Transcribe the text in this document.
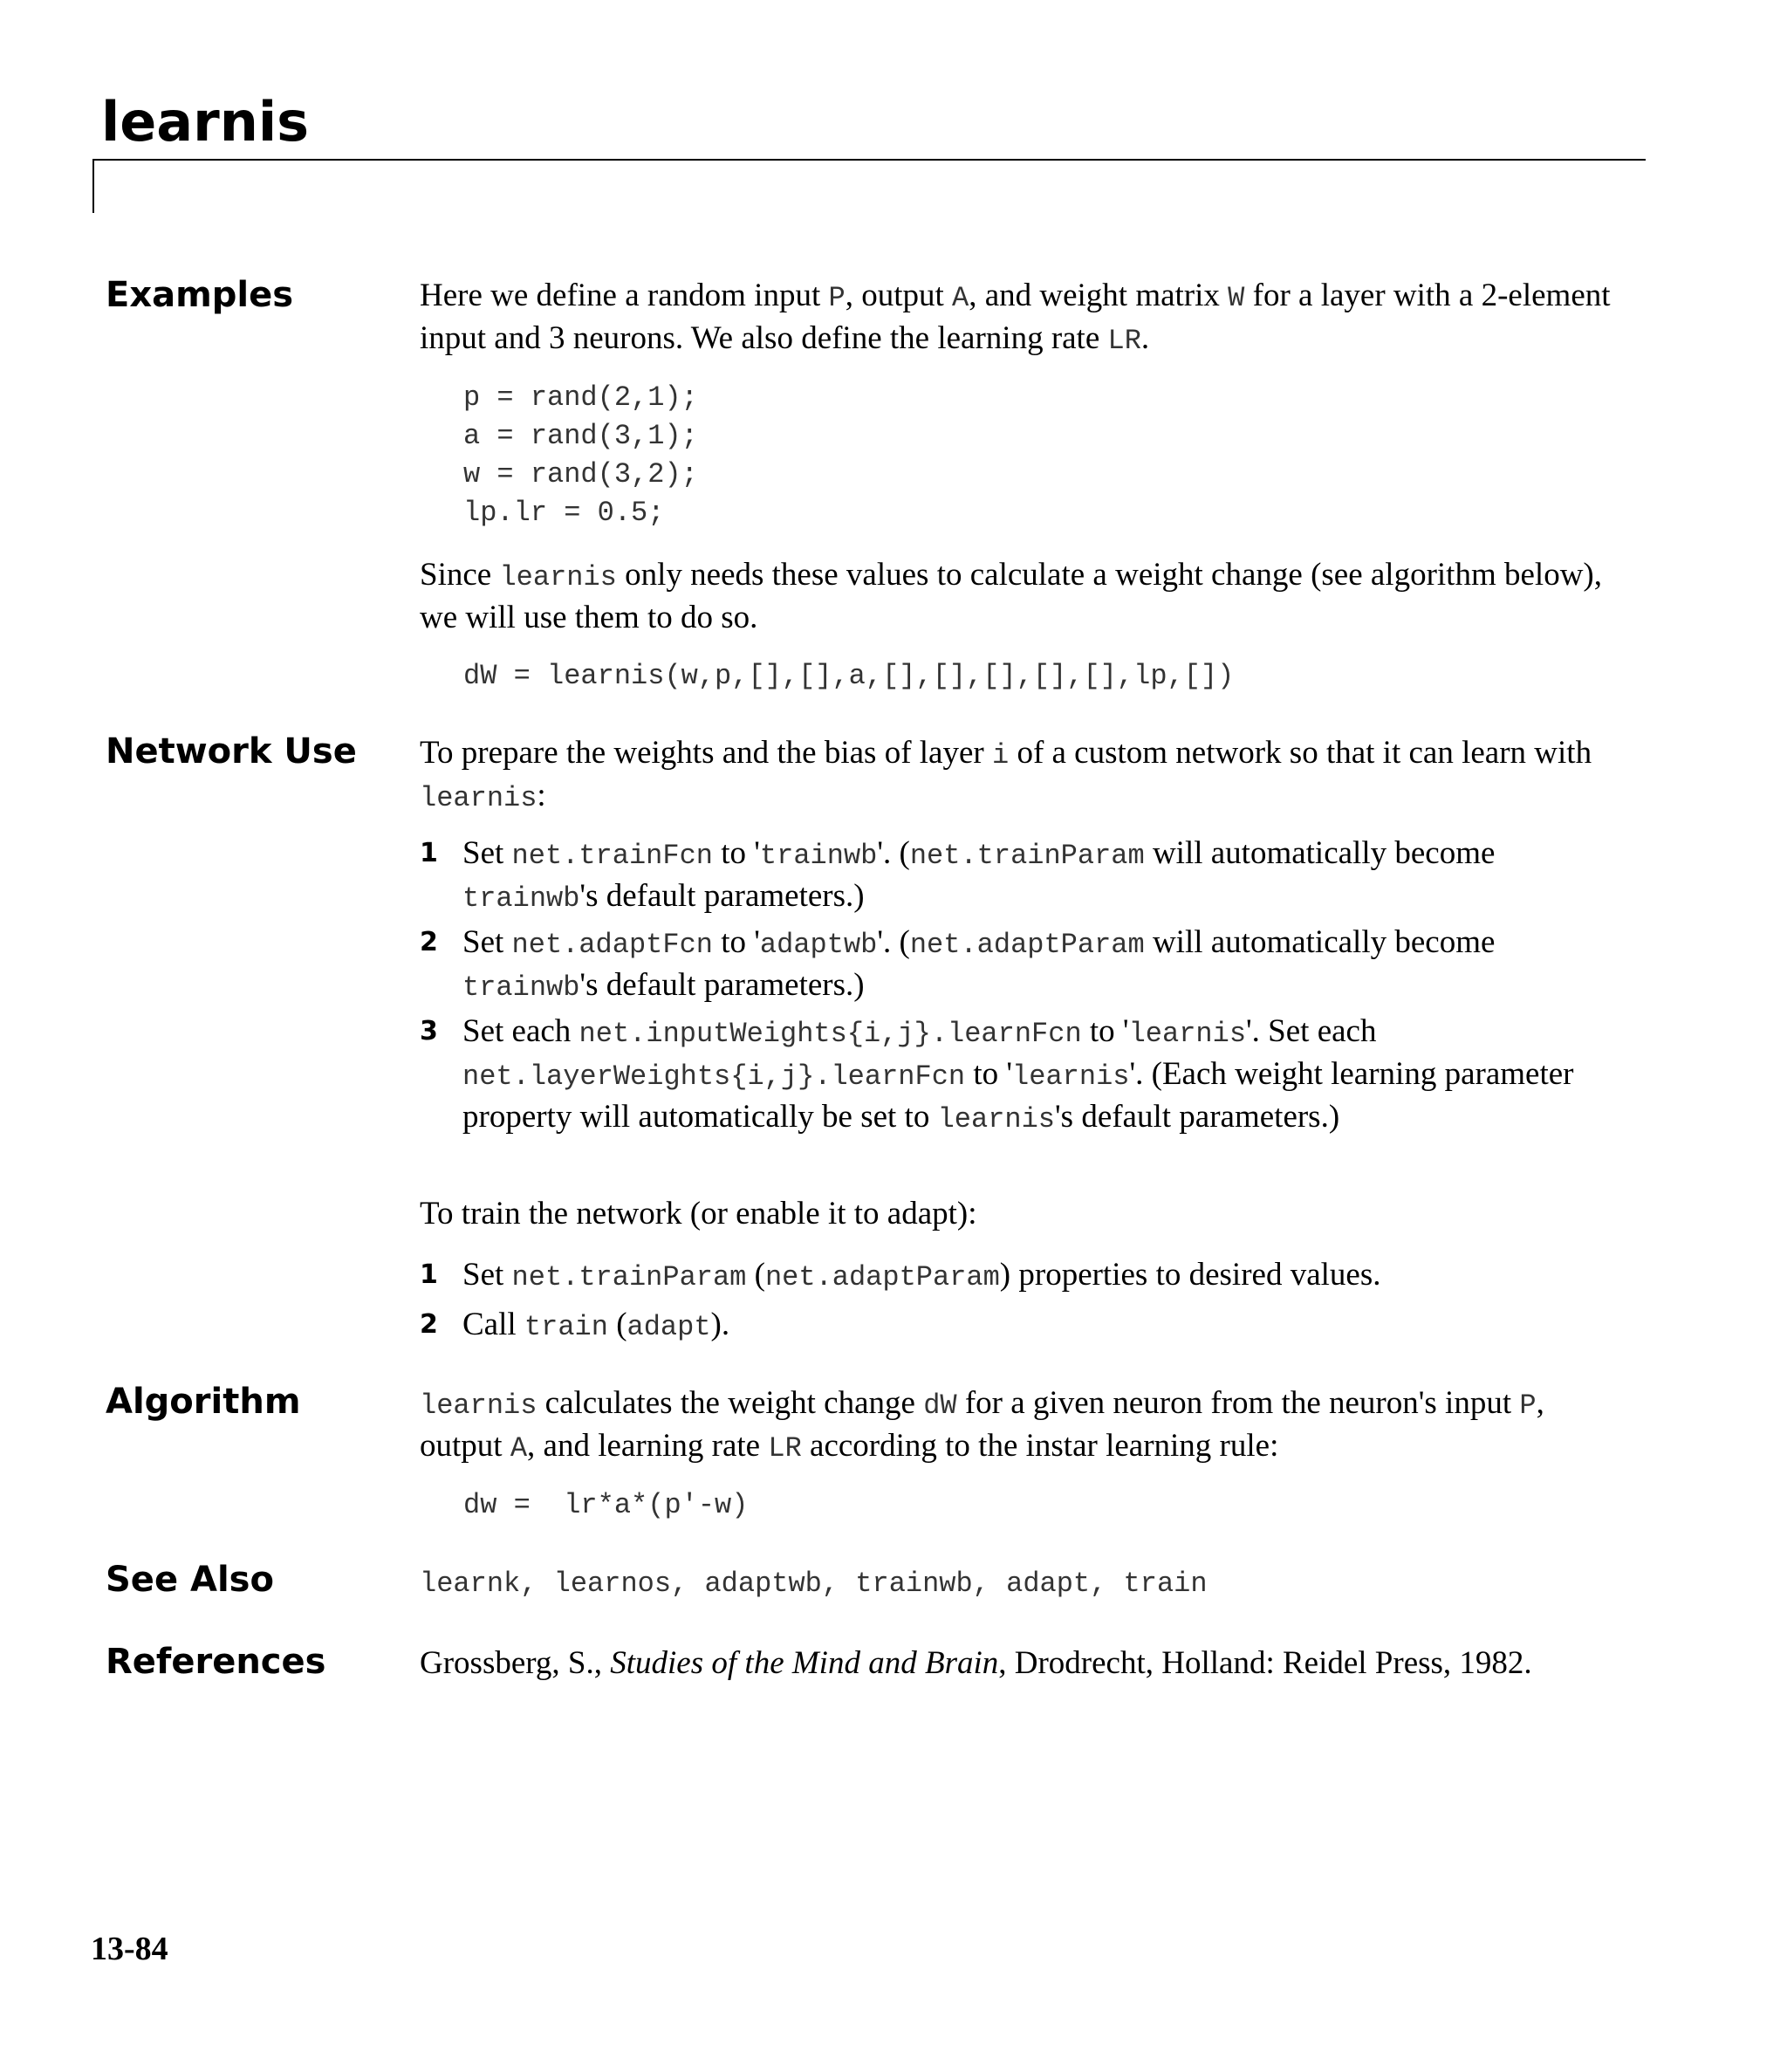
learnis
Examples	Here we define a random input P, output A, and weight matrix W for a layer with a 2-element input and 3 neurons. We also define the learning rate LR.

p = rand(2,1);
a = rand(3,1);
w = rand(3,2);
lp.lr = 0.5;

Since learnis only needs these values to calculate a weight change (see algorithm below), we will use them to do so.

dW = learnis(w,p,[],[],a,[],[],[],[],[],lp,[])
Network Use To prepare the weights and the bias of layer i of a custom network so that it can learn with learnis:

1 Set net.trainFcn to 'trainwb'. (net.trainParam will automatically become trainwb's default parameters.)
2 Set net.adaptFcn to 'adaptwb'. (net.adaptParam will automatically become trainwb's default parameters.)
3 Set each net.inputWeights{i,j}.learnFcn to 'learnis'. Set each net.layerWeights{i,j}.learnFcn to 'learnis'. (Each weight learning parameter property will automatically be set to learnis's default parameters.)

To train the network (or enable it to adapt):

1 Set net.trainParam (net.adaptParam) properties to desired values.
2 Call train (adapt).
Algorithm	learnis calculates the weight change dW for a given neuron from the neuron's input P, output A, and learning rate LR according to the instar learning rule:

dw =  lr*a*(p'-w)
See Also	learnk, learnos, adaptwb, trainwb, adapt, train

References	Grossberg, S., Studies of the Mind and Brain, Drodrecht, Holland: Reidel Press, 1982.

13-84
